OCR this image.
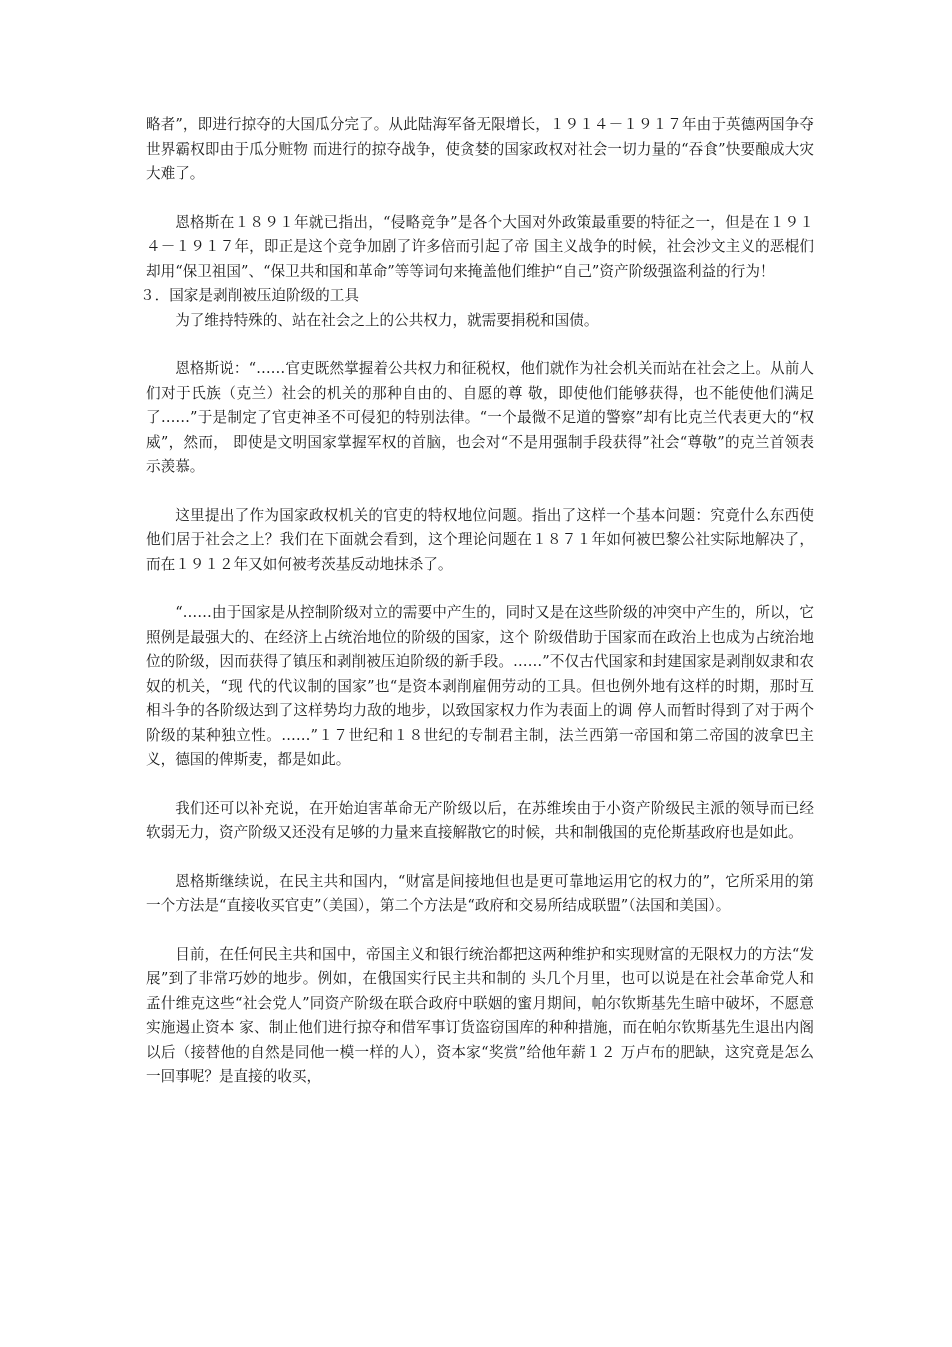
略者”，即进行掠夺的大国瓜分完了。从此陆海军备无限增长，１９１４－１９１７年由于英德两国争夺世界霸权即由于瓜分赃物 而进行的掠夺战争，使贪婪的国家政权对社会一切力量的“吞食”快要酿成大灾大难了。

恩格斯在１８９１年就已指出，“侵略竞争”是各个大国对外政策最重要的特征之一，但是在１９１４－１９１７年，即正是这个竞争加剧了许多倍而引起了帝 国主义战争的时候，社会沙文主义的恶棍们却用“保卫祖国”、“保卫共和国和革命”等等词句来掩盖他们维护“自己”资产阶级强盗利益的行为！

３．国家是剥削被压迫阶级的工具

为了维持特殊的、站在社会之上的公共权力，就需要捐税和国债。

恩格斯说：“……官吏既然掌握着公共权力和征税权，他们就作为社会机关而站在社会之上。从前人们对于氏族（克兰）社会的机关的那种自由的、自愿的尊 敬，即使他们能够获得，也不能使他们满足了……”于是制定了官吏神圣不可侵犯的特别法律。“一个最微不足道的警察”却有比克兰代表更大的“权威”，然而， 即使是文明国家掌握军权的首脑，也会对“不是用强制手段获得”社会“尊敬”的克兰首领表示羡慕。

这里提出了作为国家政权机关的官吏的特权地位问题。指出了这样一个基本问题：究竟什么东西使他们居于社会之上？我们在下面就会看到，这个理论问题在１８７１年如何被巴黎公社实际地解决了，而在１９１２年又如何被考茨基反动地抹杀了。

“……由于国家是从控制阶级对立的需要中产生的，同时又是在这些阶级的冲突中产生的，所以，它照例是最强大的、在经济上占统治地位的阶级的国家，这个 阶级借助于国家而在政治上也成为占统治地位的阶级，因而获得了镇压和剥削被压迫阶级的新手段。……”不仅古代国家和封建国家是剥削奴隶和农奴的机关，“现 代的代议制的国家”也“是资本剥削雇佣劳动的工具。但也例外地有这样的时期，那时互相斗争的各阶级达到了这样势均力敌的地步，以致国家权力作为表面上的调 停人而暂时得到了对于两个阶级的某种独立性。……”１７世纪和１８世纪的专制君主制，法兰西第一帝国和第二帝国的波拿巴主义，德国的俾斯麦，都是如此。

我们还可以补充说，在开始迫害革命无产阶级以后，在苏维埃由于小资产阶级民主派的领导而已经软弱无力，资产阶级又还没有足够的力量来直接解散它的时候，共和制俄国的克伦斯基政府也是如此。

恩格斯继续说，在民主共和国内，“财富是间接地但也是更可靠地运用它的权力的”，它所采用的第一个方法是“直接收买官吏”（美国），第二个方法是“政府和交易所结成联盟”（法国和美国）。

目前，在任何民主共和国中，帝国主义和银行统治都把这两种维护和实现财富的无限权力的方法“发展”到了非常巧妙的地步。例如，在俄国实行民主共和制的 头几个月里，也可以说是在社会革命党人和孟什维克这些“社会党人”同资产阶级在联合政府中联姻的蜜月期间，帕尔钦斯基先生暗中破坏，不愿意实施遏止资本 家、制止他们进行掠夺和借军事订货盗窃国库的种种措施，而在帕尔钦斯基先生退出内阁以后（接替他的自然是同他一模一样的人），资本家“奖赏”给他年薪１２ 万卢布的肥缺，这究竟是怎么一回事呢？是直接的收买，
